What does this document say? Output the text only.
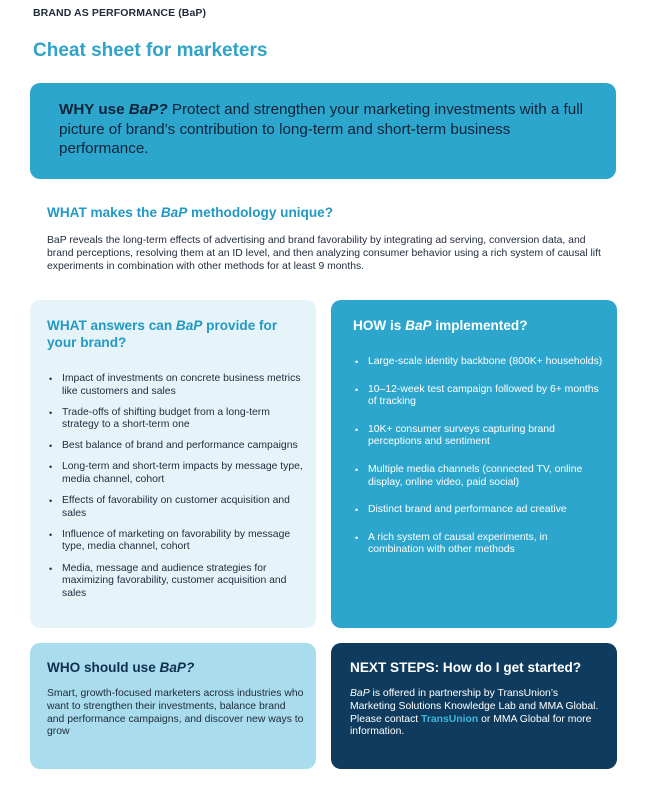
BRAND AS PERFORMANCE (BaP)
Cheat sheet for marketers
WHY use BaP? Protect and strengthen your marketing investments with a full picture of brand’s contribution to long-term and short-term business performance.
WHAT makes the BaP methodology unique?

BaP reveals the long-term effects of advertising and brand favorability by integrating ad serving, conversion data, and brand perceptions, resolving them at an ID level, and then analyzing consumer behavior using a rich system of causal lift experiments in combination with other methods for at least 9 months.

WHAT answers can BaP provide for your brand?
• Impact of investments on concrete business metrics like customers and sales
• Trade-offs of shifting budget from a long-term strategy to a short-term one
• Best balance of brand and performance campaigns
• Long-term and short-term impacts by message type, media channel, cohort
• Effects of favorability on customer acquisition and sales
• Influence of marketing on favorability by message type, media channel, cohort
• Media, message and audience strategies for maximizing favorability, customer acquisition and sales
HOW is BaP implemented?
• Large-scale identity backbone (800K+ households)
• 10–12-week test campaign followed by 6+ months of tracking
• 10K+ consumer surveys capturing brand perceptions and sentiment
• Multiple media channels (connected TV, online display, online video, paid social)
• Distinct brand and performance ad creative
• A rich system of causal experiments, in combination with other methods
WHO should use BaP?

Smart, growth-focused marketers across industries who want to strengthen their investments, balance brand and performance campaigns, and discover new ways to grow

NEXT STEPS: How do I get started?

BaP is offered in partnership by TransUnion’s Marketing Solutions Knowledge Lab and MMA Global. Please contact TransUnion or MMA Global for more information.
